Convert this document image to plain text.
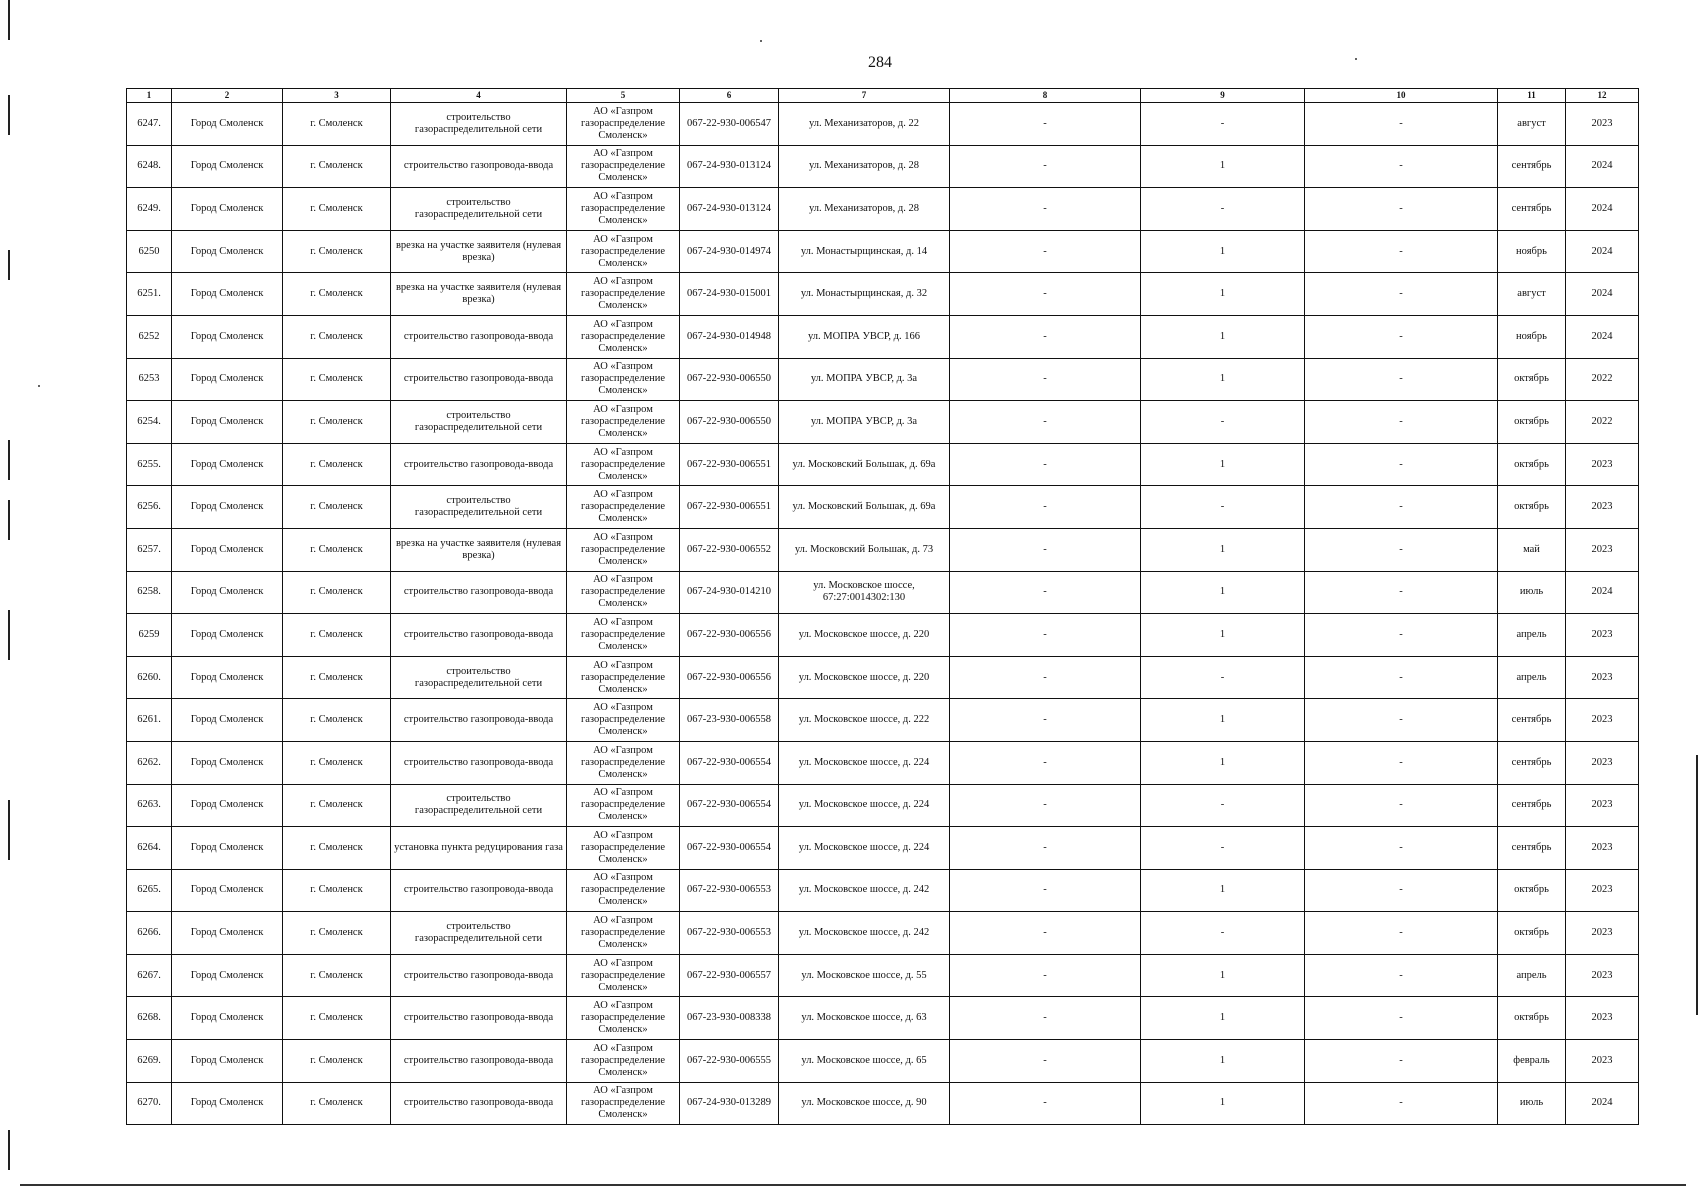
284
1	2	3	4	5	6	7	8	9	10	11	12
6247.	Город Смоленск	г. Смоленск	строительство газораспределительной сети	АО «Газпром газораспределение Смоленск»	067-22-930-006547	ул. Механизаторов, д. 22	-	-	-	август	2023
6248.	Город Смоленск	г. Смоленск	строительство газопровода-ввода	АО «Газпром газораспределение Смоленск»	067-24-930-013124	ул. Механизаторов, д. 28	-	1	-	сентябрь	2024
6249.	Город Смоленск	г. Смоленск	строительство газораспределительной сети	АО «Газпром газораспределение Смоленск»	067-24-930-013124	ул. Механизаторов, д. 28	-	-	-	сентябрь	2024
6250	Город Смоленск	г. Смоленск	врезка на участке заявителя (нулевая врезка)	АО «Газпром газораспределение Смоленск»	067-24-930-014974	ул. Монастырщинская, д. 14	-	1	-	ноябрь	2024
6251.	Город Смоленск	г. Смоленск	врезка на участке заявителя (нулевая врезка)	АО «Газпром газораспределение Смоленск»	067-24-930-015001	ул. Монастырщинская, д. 32	-	1	-	август	2024
6252	Город Смоленск	г. Смоленск	строительство газопровода-ввода	АО «Газпром газораспределение Смоленск»	067-24-930-014948	ул. МОПРА УВСР, д. 166	-	1	-	ноябрь	2024
6253	Город Смоленск	г. Смоленск	строительство газопровода-ввода	АО «Газпром газораспределение Смоленск»	067-22-930-006550	ул. МОПРА УВСР, д. 3а	-	1	-	октябрь	2022
6254.	Город Смоленск	г. Смоленск	строительство газораспределительной сети	АО «Газпром газораспределение Смоленск»	067-22-930-006550	ул. МОПРА УВСР, д. 3а	-	-	-	октябрь	2022
6255.	Город Смоленск	г. Смоленск	строительство газопровода-ввода	АО «Газпром газораспределение Смоленск»	067-22-930-006551	ул. Московский Большак, д. 69а	-	1	-	октябрь	2023
6256.	Город Смоленск	г. Смоленск	строительство газораспределительной сети	АО «Газпром газораспределение Смоленск»	067-22-930-006551	ул. Московский Большак, д. 69а	-	-	-	октябрь	2023
6257.	Город Смоленск	г. Смоленск	врезка на участке заявителя (нулевая врезка)	АО «Газпром газораспределение Смоленск»	067-22-930-006552	ул. Московский Большак, д. 73	-	1	-	май	2023
6258.	Город Смоленск	г. Смоленск	строительство газопровода-ввода	АО «Газпром газораспределение Смоленск»	067-24-930-014210	ул. Московское шоссе, 67:27:0014302:130	-	1	-	июль	2024
6259	Город Смоленск	г. Смоленск	строительство газопровода-ввода	АО «Газпром газораспределение Смоленск»	067-22-930-006556	ул. Московское шоссе, д. 220	-	1	-	апрель	2023
6260.	Город Смоленск	г. Смоленск	строительство газораспределительной сети	АО «Газпром газораспределение Смоленск»	067-22-930-006556	ул. Московское шоссе, д. 220	-	-	-	апрель	2023
6261.	Город Смоленск	г. Смоленск	строительство газопровода-ввода	АО «Газпром газораспределение Смоленск»	067-23-930-006558	ул. Московское шоссе, д. 222	-	1	-	сентябрь	2023
6262.	Город Смоленск	г. Смоленск	строительство газопровода-ввода	АО «Газпром газораспределение Смоленск»	067-22-930-006554	ул. Московское шоссе, д. 224	-	1	-	сентябрь	2023
6263.	Город Смоленск	г. Смоленск	строительство газораспределительной сети	АО «Газпром газораспределение Смоленск»	067-22-930-006554	ул. Московское шоссе, д. 224	-	-	-	сентябрь	2023
6264.	Город Смоленск	г. Смоленск	установка пункта редуцирования газа	АО «Газпром газораспределение Смоленск»	067-22-930-006554	ул. Московское шоссе, д. 224	-	-	-	сентябрь	2023
6265.	Город Смоленск	г. Смоленск	строительство газопровода-ввода	АО «Газпром газораспределение Смоленск»	067-22-930-006553	ул. Московское шоссе, д. 242	-	1	-	октябрь	2023
6266.	Город Смоленск	г. Смоленск	строительство газораспределительной сети	АО «Газпром газораспределение Смоленск»	067-22-930-006553	ул. Московское шоссе, д. 242	-	-	-	октябрь	2023
6267.	Город Смоленск	г. Смоленск	строительство газопровода-ввода	АО «Газпром газораспределение Смоленск»	067-22-930-006557	ул. Московское шоссе, д. 55	-	1	-	апрель	2023
6268.	Город Смоленск	г. Смоленск	строительство газопровода-ввода	АО «Газпром газораспределение Смоленск»	067-23-930-008338	ул. Московское шоссе, д. 63	-	1	-	октябрь	2023
6269.	Город Смоленск	г. Смоленск	строительство газопровода-ввода	АО «Газпром газораспределение Смоленск»	067-22-930-006555	ул. Московское шоссе, д. 65	-	1	-	февраль	2023
6270.	Город Смоленск	г. Смоленск	строительство газопровода-ввода	АО «Газпром газораспределение Смоленск»	067-24-930-013289	ул. Московское шоссе, д. 90	-	1	-	июль	2024
